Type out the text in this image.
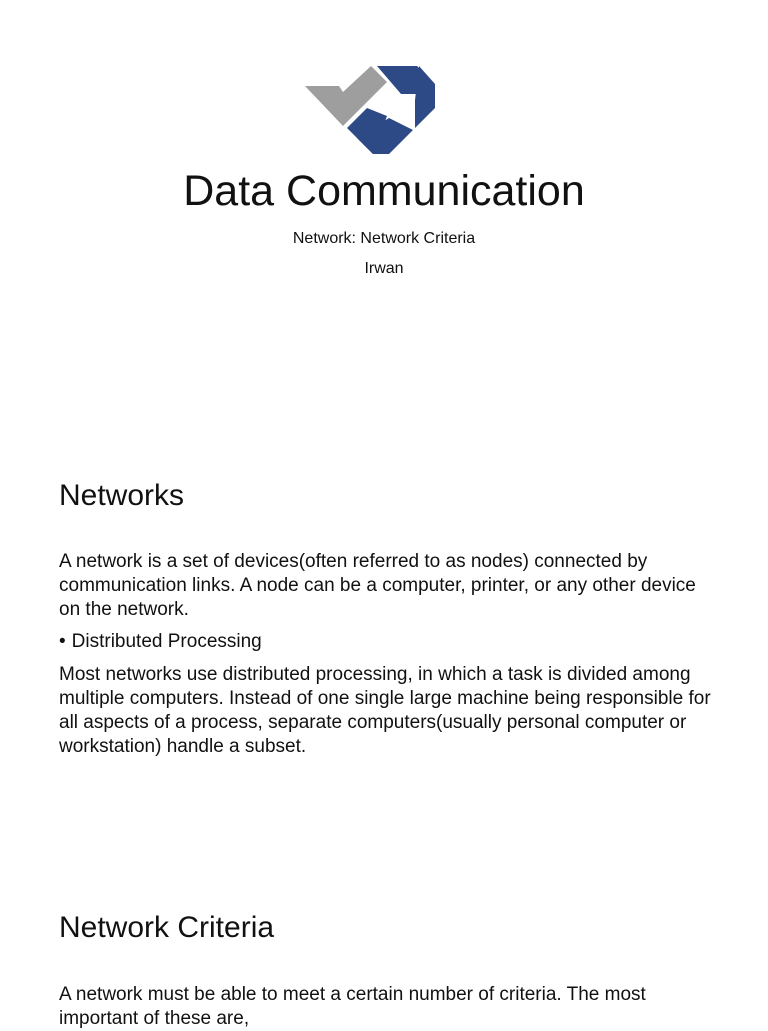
Data Communication
Network: Network Criteria
Irwan
Networks
A network is a set of devices(often referred to as nodes) connected by communication links. A node can be a computer, printer, or any other device on the network.
• Distributed Processing
Most networks use distributed processing, in which a task is divided among multiple computers. Instead of one single large machine being responsible for all aspects of a process, separate computers(usually personal computer or workstation) handle a subset.
Network Criteria
A network must be able to meet a certain number of criteria. The most important of these are,
